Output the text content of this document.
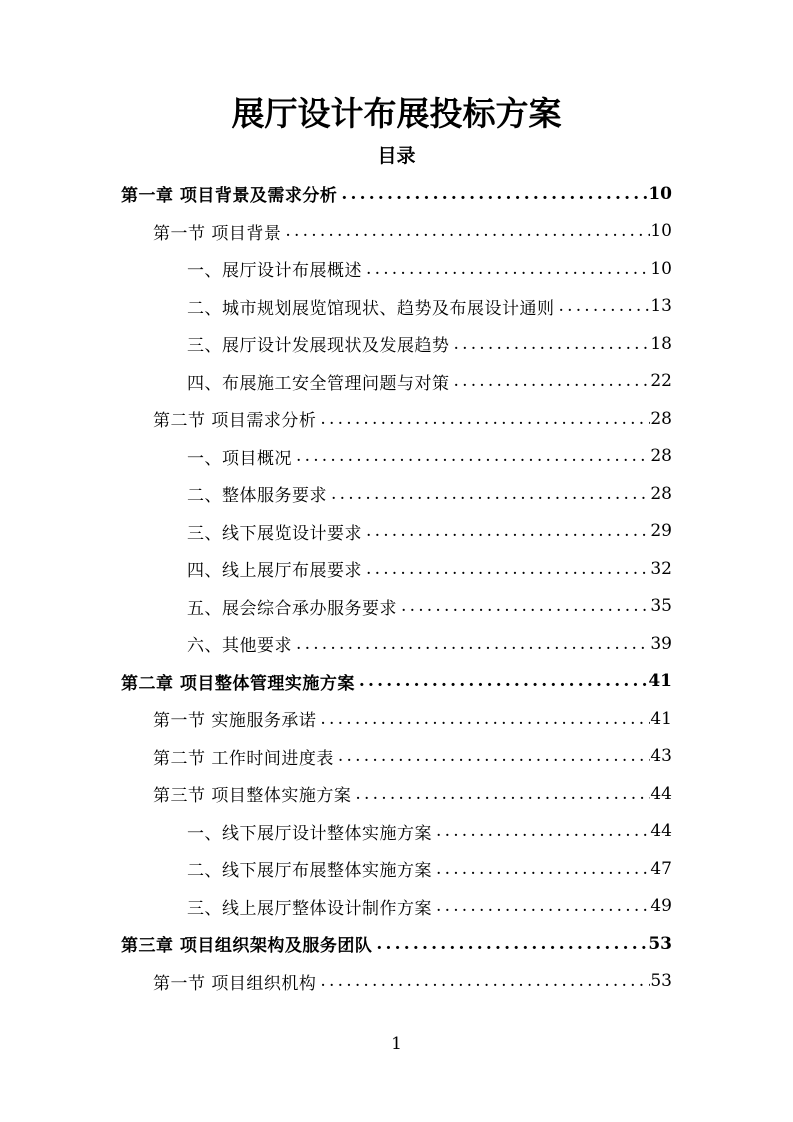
展厅设计布展投标方案
目录
第一章 项目背景及需求分析 .....	10
第一节 项目背景 .....	10
一、展厅设计布展概述 .....	10
二、城市规划展览馆现状、趋势及布展设计通则 .....	13
三、展厅设计发展现状及发展趋势 .....	18
四、布展施工安全管理问题与对策 .....	22
第二节 项目需求分析 .....	28
一、项目概况 .....	28
二、整体服务要求 .....	28
三、线下展览设计要求 .....	29
四、线上展厅布展要求 .....	32
五、展会综合承办服务要求 .....	35
六、其他要求 .....	39
第二章 项目整体管理实施方案 .....	41
第一节 实施服务承诺 .....	41
第二节 工作时间进度表 .....	43
第三节 项目整体实施方案 .....	44
一、线下展厅设计整体实施方案 .....	44
二、线下展厅布展整体实施方案 .....	47
三、线上展厅整体设计制作方案 .....	49
第三章 项目组织架构及服务团队 .....	53
第一节 项目组织机构 .....	53
1
